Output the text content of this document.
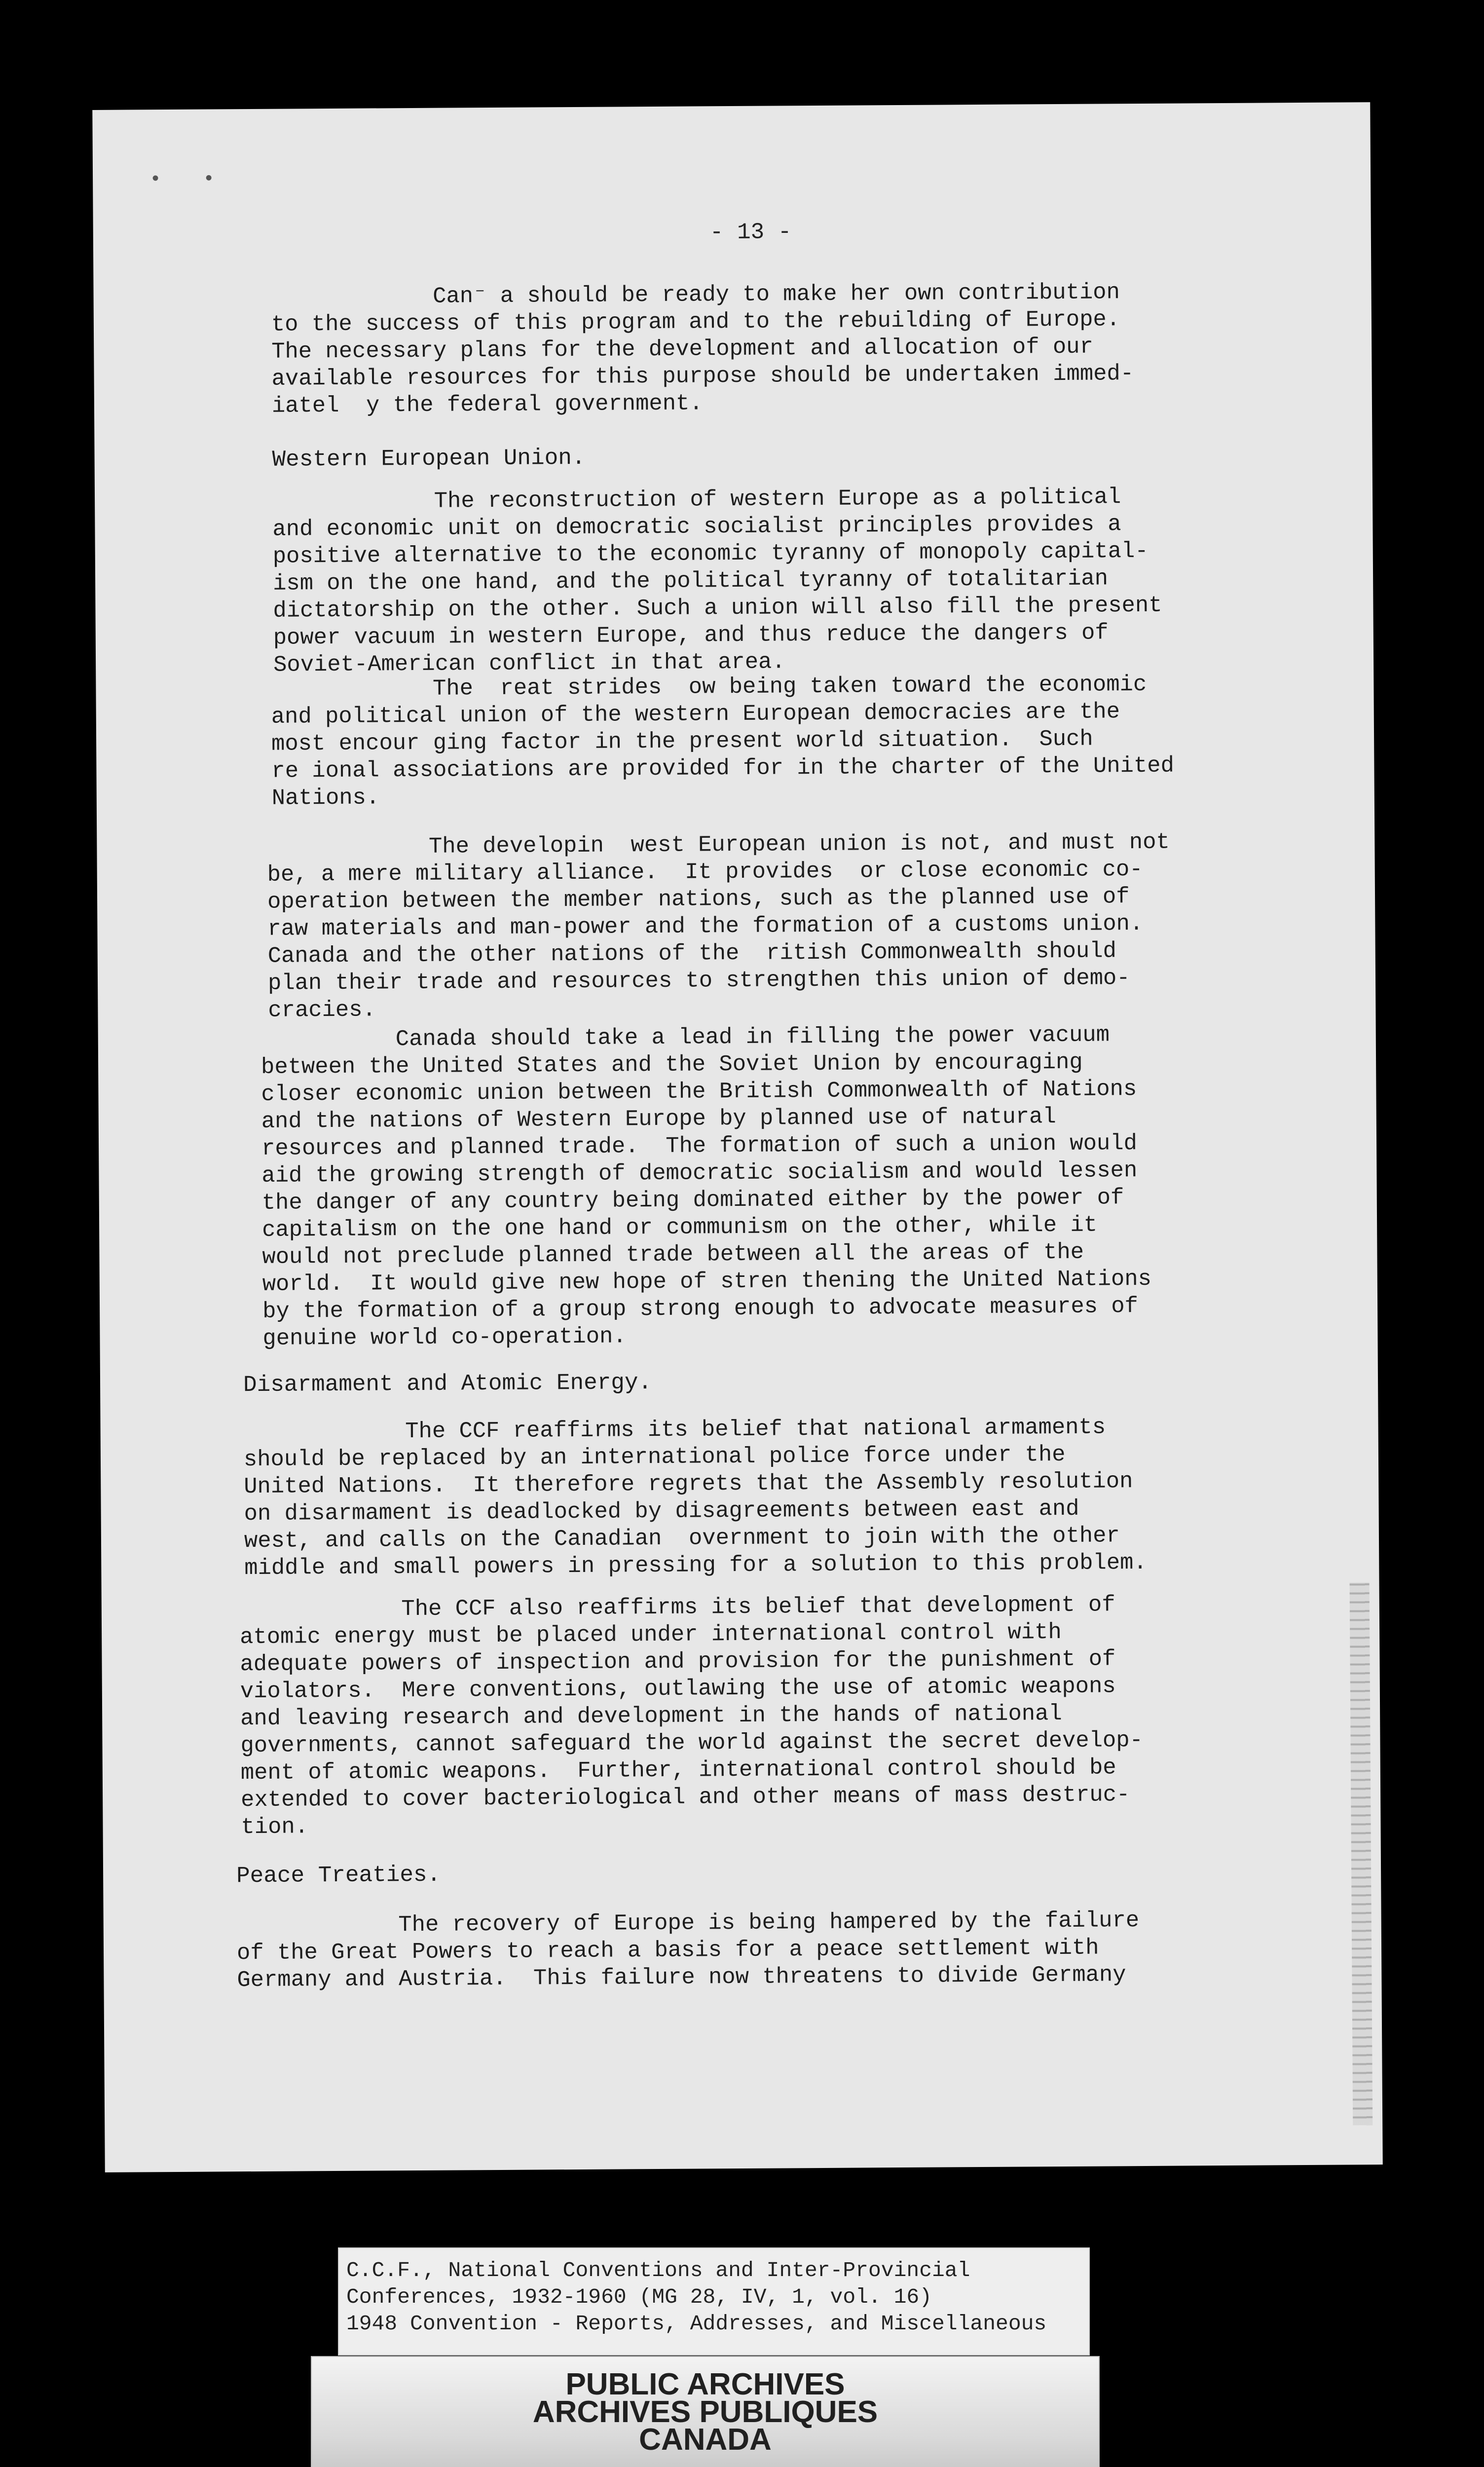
• •
- 13 -
Can⁻ a should be ready to make her own contribution
to the success of this program and to the rebuilding of Europe.
The necessary plans for the development and allocation of our
available resources for this purpose should be undertaken immed-
iatel  y the federal government.
Western European Union.
The reconstruction of western Europe as a political
and economic unit on democratic socialist principles provides a
positive alternative to the economic tyranny of monopoly capital-
ism on the one hand, and the political tyranny of totalitarian
dictatorship on the other. Such a union will also fill the present
power vacuum in western Europe, and thus reduce the dangers of
Soviet-American conflict in that area.
The  reat strides  ow being taken toward the economic
and political union of the western European democracies are the
most encour ging factor in the present world situation.  Such
re ional associations are provided for in the charter of the United
Nations.
The developin  west European union is not, and must not
be, a mere military alliance.  It provides  or close economic co-
operation between the member nations, such as the planned use of
raw materials and man-power and the formation of a customs union.
Canada and the other nations of the  ritish Commonwealth should
plan their trade and resources to strengthen this union of demo-
cracies.
Canada should take a lead in filling the power vacuum
between the United States and the Soviet Union by encouraging
closer economic union between the British Commonwealth of Nations
and the nations of Western Europe by planned use of natural
resources and planned trade.  The formation of such a union would
aid the growing strength of democratic socialism and would lessen
the danger of any country being dominated either by the power of
capitalism on the one hand or communism on the other, while it
would not preclude planned trade between all the areas of the
world.  It would give new hope of stren thening the United Nations
by the formation of a group strong enough to advocate measures of
genuine world co-operation.
Disarmament and Atomic Energy.
The CCF reaffirms its belief that national armaments
should be replaced by an international police force under the
United Nations.  It therefore regrets that the Assembly resolution
on disarmament is deadlocked by disagreements between east and
west, and calls on the Canadian  overnment to join with the other
middle and small powers in pressing for a solution to this problem.
The CCF also reaffirms its belief that development of
atomic energy must be placed under international control with
adequate powers of inspection and provision for the punishment of
violators.  Mere conventions, outlawing the use of atomic weapons
and leaving research and development in the hands of national
governments, cannot safeguard the world against the secret develop-
ment of atomic weapons.  Further, international control should be
extended to cover bacteriological and other means of mass destruc-
tion.
Peace Treaties.
The recovery of Europe is being hampered by the failure
of the Great Powers to reach a basis for a peace settlement with
Germany and Austria.  This failure now threatens to divide Germany
C.C.F., National Conventions and Inter-Provincial
Conferences, 1932-1960 (MG 28, IV, 1, vol. 16)
1948 Convention - Reports, Addresses, and Miscellaneous
PUBLIC ARCHIVES
ARCHIVES PUBLIQUES
CANADA
